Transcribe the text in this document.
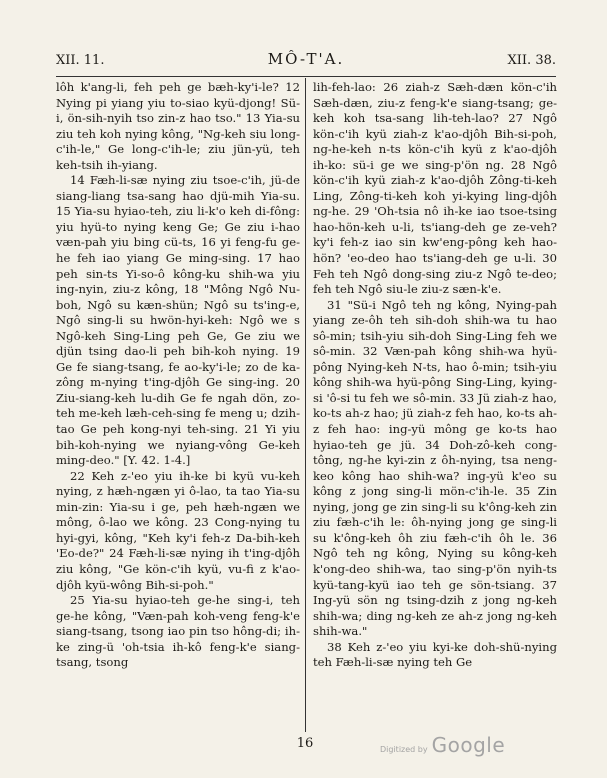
XII. 11.	MÔ-T'A.	XII. 38.

lôh k'ang-li, feh peh ge bæh-ky'i-le? 12 Nying pi yiang yiu to-siao kyü-djong! Sü-i, ön-sih-nyih tso zin-z hao tso." 13 Yia-su ziu teh koh nying kông, "Ng-keh siu long-c'ih-le," Ge long-c'ih-le; ziu jün-yü, teh keh-tsih ih-yiang.

14 Fæh-li-sæ nying ziu tsoe-c'ih, jü-de siang-liang tsa-sang hao djü-mih Yia-su. 15 Yia-su hyiao-teh, ziu li-k'o keh di-fông: yiu hyü-to nying keng Ge; Ge ziu i-hao væn-pah yiu bing cü-ts, 16 yi feng-fu ge-he feh iao yiang Ge ming-sing. 17 hao peh sin-ts Yi-so-ô kông-ku shih-wa yiu ing-nyin, ziu-z kông, 18 "Mông Ngô Nu-boh, Ngô su kæn-shün; Ngô su ts'ing-e, Ngô sing-li su hwön-hyi-keh: Ngô we s Ngô-keh Sing-Ling peh Ge, Ge ziu we djün tsing dao-li peh bih-koh nying. 19 Ge fe siang-tsang, fe ao-ky'i-le; zo de ka-zông m-nying t'ing-djôh Ge sing-ing. 20 Ziu-siang-keh lu-dih Ge fe ngah dön, zo-teh me-keh læh-ceh-sing fe meng u; dzih-tao Ge peh kong-nyi teh-sing. 21 Yi yiu bih-koh-nying we nyiang-vông Ge-keh ming-deo." [Y. 42. 1-4.]

22 Keh z-'eo yiu ih-ke bi kyü vu-keh nying, z hæh-ngæn yi ô-lao, ta tao Yia-su min-zin: Yia-su i ge, peh hæh-ngæn we mông, ô-lao we kông. 23 Cong-nying tu hyi-gyi, kông, "Keh ky'i feh-z Da-bih-keh 'Eo-de?" 24 Fæh-li-sæ nying ih t'ing-djôh ziu kông, "Ge kön-c'ih kyü, vu-fi z k'ao-djôh kyü-wông Bih-si-poh."

25 Yia-su hyiao-teh ge-he sing-i, teh ge-he kông, "Væn-pah koh-veng feng-k'e siang-tsang, tsong iao pin tso hông-di; ih-ke zing-ü 'oh-tsia ih-kô feng-k'e siang-tsang, tsong

lih-feh-lao: 26 ziah-z Sæh-dæn kön-c'ih Sæh-dæn, ziu-z feng-k'e siang-tsang; ge-keh koh tsa-sang lih-teh-lao? 27 Ngô kön-c'ih kyü ziah-z k'ao-djôh Bih-si-poh, ng-he-keh n-ts kön-c'ih kyü z k'ao-djôh ih-ko: sü-i ge we sing-p'ön ng. 28 Ngô kön-c'ih kyü ziah-z k'ao-djôh Zông-ti-keh Ling, Zông-ti-keh koh yi-kying ling-djôh ng-he. 29 'Oh-tsia nô ih-ke iao tsoe-tsing hao-hön-keh u-li, ts'iang-deh ge ze-veh? ky'i feh-z iao sin kw'eng-pông keh hao-hön? 'eo-deo hao ts'iang-deh ge u-li. 30 Feh teh Ngô dong-sing ziu-z Ngô te-deo; feh teh Ngô siu-le ziu-z sæn-k'e.

31 "Sü-i Ngô teh ng kông, Nying-pah yiang ze-ôh teh sih-doh shih-wa tu hao sô-min; tsih-yiu sih-doh Sing-Ling feh we sô-min. 32 Væn-pah kông shih-wa hyü-pông Nying-keh N-ts, hao ô-min; tsih-yiu kông shih-wa hyü-pông Sing-Ling, kying-si 'ô-si tu feh we sô-min. 33 Jü ziah-z hao, ko-ts ah-z hao; jü ziah-z feh hao, ko-ts ah-z feh hao: ing-yü mông ge ko-ts hao hyiao-teh ge jü. 34 Doh-zô-keh cong-tông, ng-he kyi-zin z ôh-nying, tsa neng-keo kông hao shih-wa? ing-yü k'eo su kông z jong sing-li mön-c'ih-le. 35 Zin nying, jong ge zin sing-li su k'ông-keh zin ziu fæh-c'ih le: ôh-nying jong ge sing-li su k'ông-keh ôh ziu fæh-c'ih ôh le. 36 Ngô teh ng kông, Nying su kông-keh k'ong-deo shih-wa, tao sing-p'ön nyih-ts kyü-tang-kyü iao teh ge sön-tsiang. 37 Ing-yü sön ng tsing-dzih z jong ng-keh shih-wa; ding ng-keh ze ah-z jong ng-keh shih-wa."

38 Keh z-'eo yiu kyi-ke doh-shü-nying teh Fæh-li-sæ nying teh Ge

16	Digitized by Google
